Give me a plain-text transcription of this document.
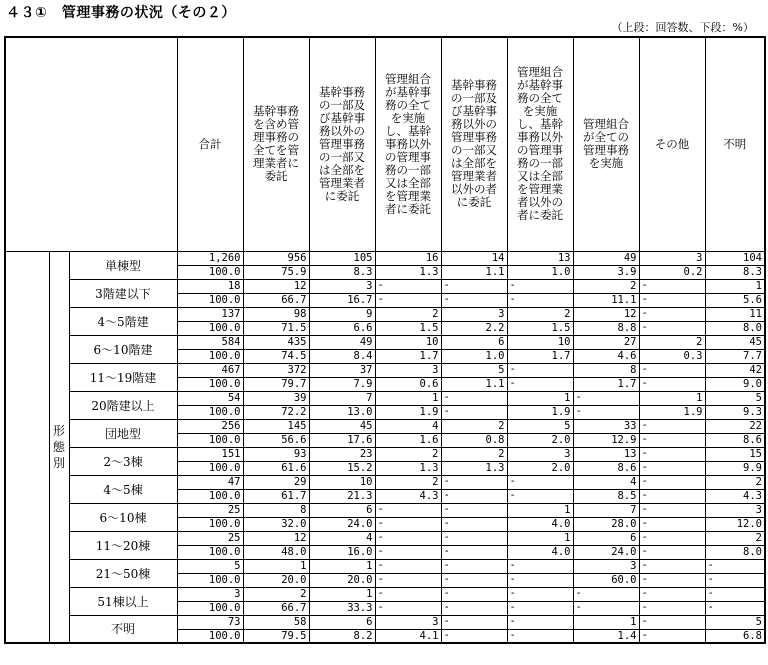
４３①　管理事務の状況（その２）
（上段：回答数、下段：%）

			合計	基幹事務を含め管理事務の全てを管理業者に委託	基幹事務の一部及び基幹事務以外の管理事務の一部又は全部を管理業者に委託	管理組合が基幹事務の全てを実施し、基幹事務以外の管理事務の一部又は全部を管理業者に委託	基幹事務の一部及び基幹事務以外の管理事務の一部又は全部を管理業者以外の者に委託	管理組合が基幹事務の全てを実施し、基幹事務以外の管理事務の一部又は全部を管理業者以外の者に委託	管理組合が全ての管理事務を実施	その他	不明

	形態別	単棟型	1,260	956	105	16	14	13	49	3	104
			100.0	75.9	8.3	1.3	1.1	1.0	3.9	0.2	8.3
		3階建以下	18	12	3	-	-	-	2	-	1
			100.0	66.7	16.7	-	-	-	11.1	-	5.6
		4～5階建	137	98	9	2	3	2	12	-	11
			100.0	71.5	6.6	1.5	2.2	1.5	8.8	-	8.0
		6～10階建	584	435	49	10	6	10	27	2	45
			100.0	74.5	8.4	1.7	1.0	1.7	4.6	0.3	7.7
		11～19階建	467	372	37	3	5	-	8	-	42
			100.0	79.7	7.9	0.6	1.1	-	1.7	-	9.0
		20階建以上	54	39	7	1	-	1	-	1	5
			100.0	72.2	13.0	1.9	-	1.9	-	1.9	9.3
		団地型	256	145	45	4	2	5	33	-	22
			100.0	56.6	17.6	1.6	0.8	2.0	12.9	-	8.6
		2～3棟	151	93	23	2	2	3	13	-	15
			100.0	61.6	15.2	1.3	1.3	2.0	8.6	-	9.9
		4～5棟	47	29	10	2	-	-	4	-	2
			100.0	61.7	21.3	4.3	-	-	8.5	-	4.3
		6～10棟	25	8	6	-	-	1	7	-	3
			100.0	32.0	24.0	-	-	4.0	28.0	-	12.0
		11～20棟	25	12	4	-	-	1	6	-	2
			100.0	48.0	16.0	-	-	4.0	24.0	-	8.0
		21～50棟	5	1	1	-	-	-	3	-	-

			100.0	20.0	20.0	-	-	-	60.0	-	-

		51棟以上	3	2	1	-	-	-	-	-	-

			100.0	66.7	33.3	-	-	-	-	-	-

		不明	73	58	6	3	-	-	1	-	5
			100.0	79.5	8.2	4.1	-	-	1.4	-	6.8
